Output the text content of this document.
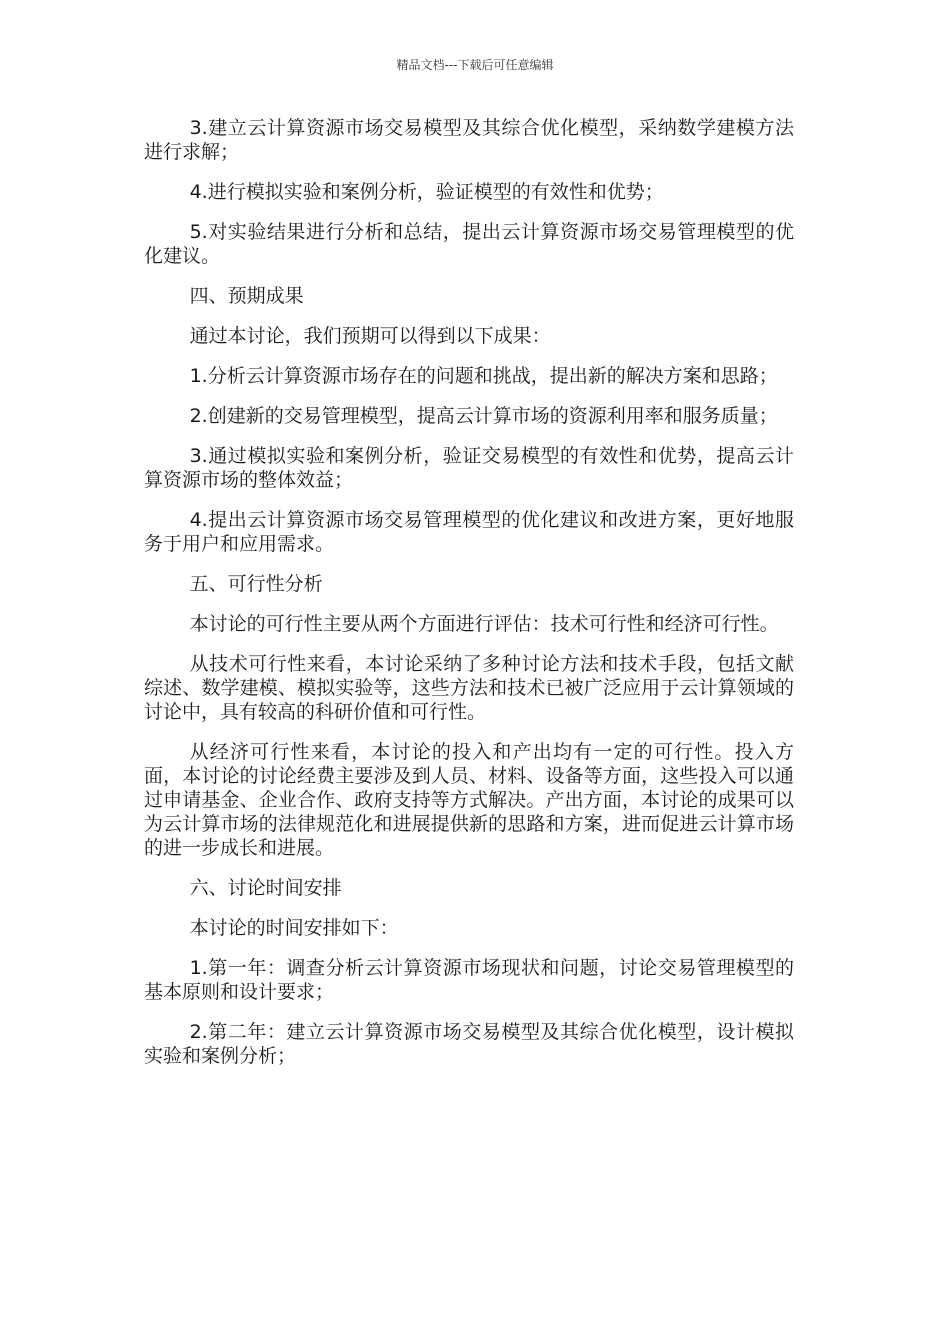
精品文档---下载后可任意编辑

3.建立云计算资源市场交易模型及其综合优化模型，采纳数学建模方法进行求解；

4.进行模拟实验和案例分析，验证模型的有效性和优势；

5.对实验结果进行分析和总结，提出云计算资源市场交易管理模型的优化建议。

四、预期成果

通过本讨论，我们预期可以得到以下成果：

1.分析云计算资源市场存在的问题和挑战，提出新的解决方案和思路；

2.创建新的交易管理模型，提高云计算市场的资源利用率和服务质量；

3.通过模拟实验和案例分析，验证交易模型的有效性和优势，提高云计算资源市场的整体效益；

4.提出云计算资源市场交易管理模型的优化建议和改进方案，更好地服务于用户和应用需求。

五、可行性分析

本讨论的可行性主要从两个方面进行评估：技术可行性和经济可行性。

从技术可行性来看，本讨论采纳了多种讨论方法和技术手段，包括文献综述、数学建模、模拟实验等，这些方法和技术已被广泛应用于云计算领域的讨论中，具有较高的科研价值和可行性。

从经济可行性来看，本讨论的投入和产出均有一定的可行性。投入方面，本讨论的讨论经费主要涉及到人员、材料、设备等方面，这些投入可以通过申请基金、企业合作、政府支持等方式解决。产出方面，本讨论的成果可以为云计算市场的法律规范化和进展提供新的思路和方案，进而促进云计算市场的进一步成长和进展。

六、讨论时间安排

本讨论的时间安排如下：

1.第一年：调查分析云计算资源市场现状和问题，讨论交易管理模型的基本原则和设计要求；

2.第二年：建立云计算资源市场交易模型及其综合优化模型，设计模拟实验和案例分析；
